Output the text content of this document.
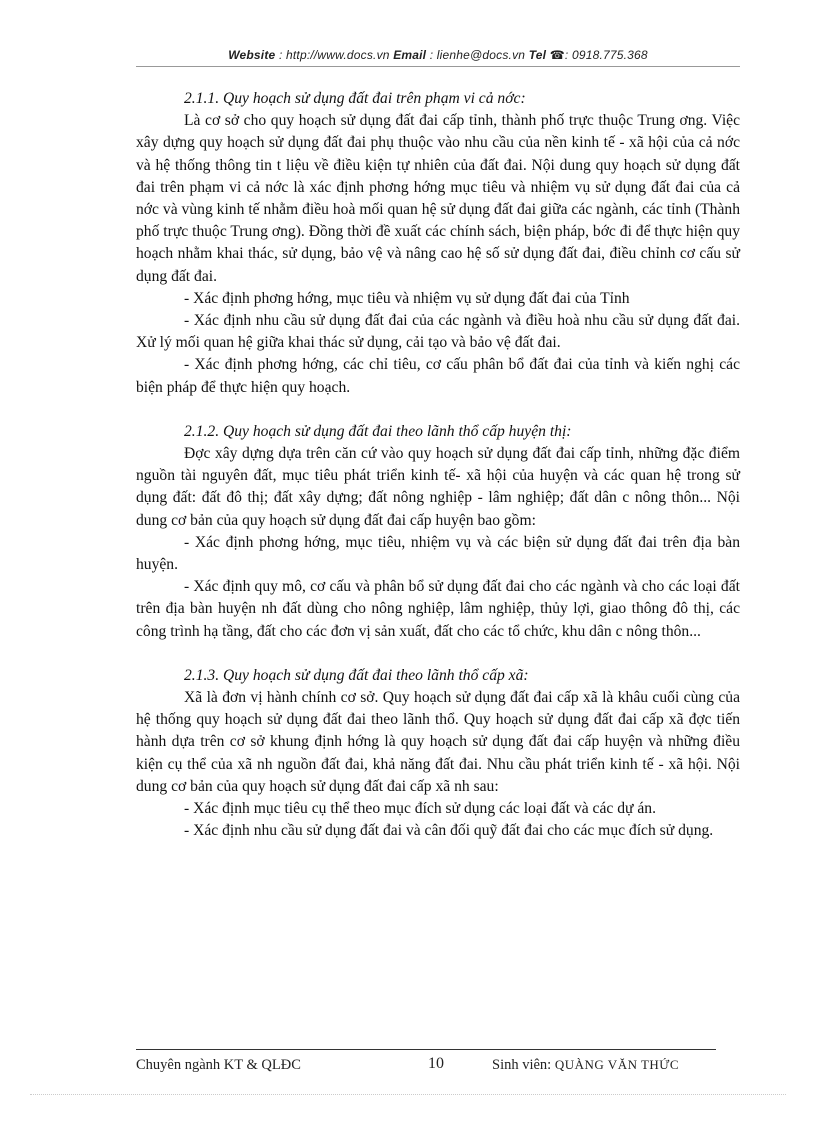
Website : http://www.docs.vn Email : lienhe@docs.vn Tel ☎: 0918.775.368

2.1.1. Quy hoạch sử dụng đất đai trên phạm vi cả nớc:

Là cơ sở cho quy hoạch sử dụng đất đai cấp tỉnh, thành phố trực thuộc Trung ơng. Việc xây dựng quy hoạch sử dụng đất đai phụ thuộc vào nhu cầu của nền kinh tế - xã hội của cả nớc và hệ thống thông tin t liệu về điều kiện tự nhiên của đất đai. Nội dung quy hoạch sử dụng đất đai trên phạm vi cả nớc là xác định phơng hớng mục tiêu và nhiệm vụ sử dụng đất đai của cả nớc và vùng kinh tế nhằm điều hoà mối quan hệ sử dụng đất đai giữa các ngành, các tỉnh (Thành phố trực thuộc Trung ơng). Đồng thời đề xuất các chính sách, biện pháp, bớc đi để thực hiện quy hoạch nhằm khai thác, sử dụng, bảo vệ và nâng cao hệ số sử dụng đất đai, điều chỉnh cơ cấu sử dụng đất đai.

- Xác định phơng hớng, mục tiêu và nhiệm vụ sử dụng đất đai của Tỉnh

- Xác định nhu cầu sử dụng đất đai của các ngành và điều hoà nhu cầu sử dụng đất đai. Xử lý mối quan hệ giữa khai thác sử dụng, cải tạo và bảo vệ đất đai.

- Xác định phơng hớng, các chỉ tiêu, cơ cấu phân bổ đất đai của tỉnh và kiến nghị các biện pháp để thực hiện quy hoạch.

2.1.2. Quy hoạch sử dụng đất đai theo lãnh thổ cấp huyện thị:

Đợc xây dựng dựa trên căn cứ vào quy hoạch sử dụng đất đai cấp tỉnh, những đặc điểm nguồn tài nguyên đất, mục tiêu phát triển kinh tế- xã hội của huyện và các quan hệ trong sử dụng đất: đất đô thị; đất xây dựng; đất nông nghiệp - lâm nghiệp; đất dân c nông thôn... Nội dung cơ bản của quy hoạch sử dụng đất đai cấp huyện bao gồm:

- Xác định phơng hớng, mục tiêu, nhiệm vụ và các biện sử dụng đất đai trên địa bàn huyện.

- Xác định quy mô, cơ cấu và phân bổ sử dụng đất đai cho các ngành và cho các loại đất trên địa bàn huyện nh đất dùng cho nông nghiệp, lâm nghiệp, thủy lợi, giao thông đô thị, các công trình hạ tầng, đất cho các đơn vị sản xuất, đất cho các tổ chức, khu dân c nông thôn...

2.1.3. Quy hoạch sử dụng đất đai theo lãnh thổ cấp xã:

Xã là đơn vị hành chính cơ sở. Quy hoạch sử dụng đất đai cấp xã là khâu cuối cùng của hệ thống quy hoạch sử dụng đất đai theo lãnh thổ. Quy hoạch sử dụng đất đai cấp xã đợc tiến hành dựa trên cơ sở khung định hớng là quy hoạch sử dụng đất đai cấp huyện và những điều kiện cụ thể của xã nh nguồn đất đai, khả năng đất đai. Nhu cầu phát triển kinh tế - xã hội. Nội dung cơ bản của quy hoạch sử dụng đất đai cấp xã nh sau:

- Xác định mục tiêu cụ thể theo mục đích sử dụng các loại đất và các dự án.

- Xác định nhu cầu sử dụng đất đai và cân đối quỹ đất đai cho các mục đích sử dụng.

Chuyên ngành KT & QLĐC	10	Sinh viên: QUÀNG VĂN THỨC
